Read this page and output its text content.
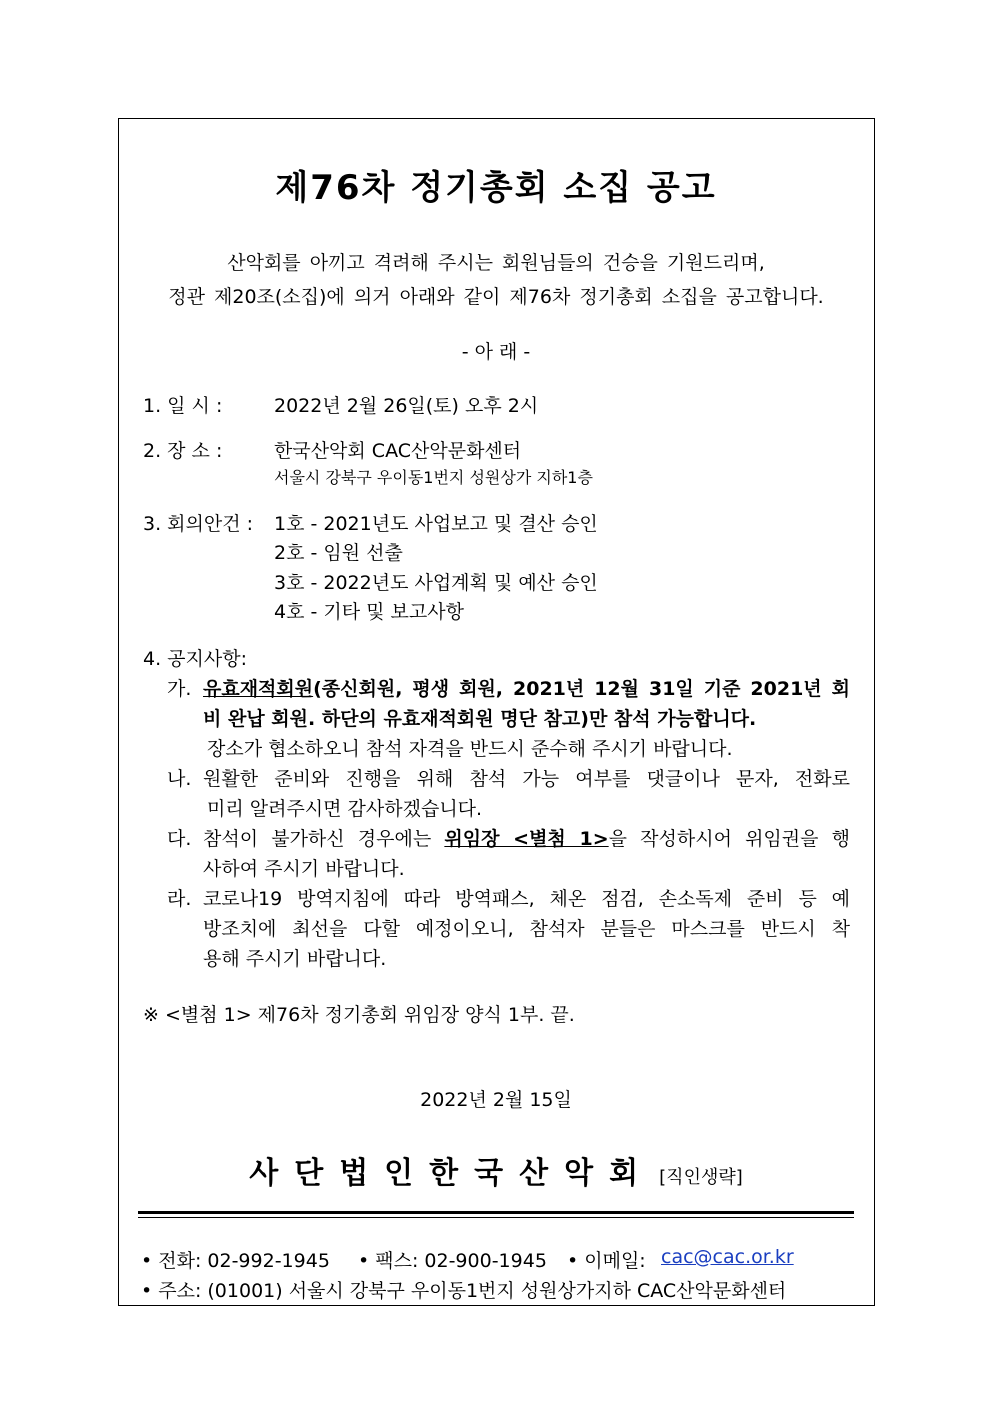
제76차 정기총회 소집 공고
산악회를 아끼고 격려해 주시는 회원님들의 건승을 기원드리며,
정관 제20조(소집)에 의거 아래와 같이 제76차 정기총회 소집을 공고합니다.
- 아 래 -
1. 일 시 :	2022년 2월 26일(토) 오후 2시
2. 장 소 :	한국산악회 CAC산악문화센터
서울시 강북구 우이동1번지 성원상가 지하1층
3. 회의안건 : 1호 - 2021년도 사업보고 및 결산 승인
2호 - 임원 선출
3호 - 2022년도 사업계획 및 예산 승인
4호 - 기타 및 보고사항
4. 공지사항:
가. 유효재적회원(종신회원, 평생 회원, 2021년 12월 31일 기준 2021년 회
비 완납 회원. 하단의 유효재적회원 명단 참고)만 참석 가능합니다.
장소가 협소하오니 참석 자격을 반드시 준수해 주시기 바랍니다.
나. 원활한 준비와 진행을 위해 참석 가능 여부를 댓글이나 문자, 전화로
미리 알려주시면 감사하겠습니다.
다. 참석이 불가하신 경우에는 위임장 <별첨 1>을 작성하시어 위임권을 행
사하여 주시기 바랍니다.
라. 코로나19 방역지침에 따라 방역패스, 체온 점검, 손소독제 준비 등 예
방조치에 최선을 다할 예정이오니, 참석자 분들은 마스크를 반드시 착
용해 주시기 바랍니다.
※ <별첨 1> 제76차 정기총회 위임장 양식 1부. 끝.
2022년 2월 15일
사단법인한국산악회 [직인생략]
• 전화: 02-992-1945 • 팩스: 02-900-1945 • 이메일: cac@cac.or.kr
• 주소: (01001) 서울시 강북구 우이동1번지 성원상가지하 CAC산악문화센터
